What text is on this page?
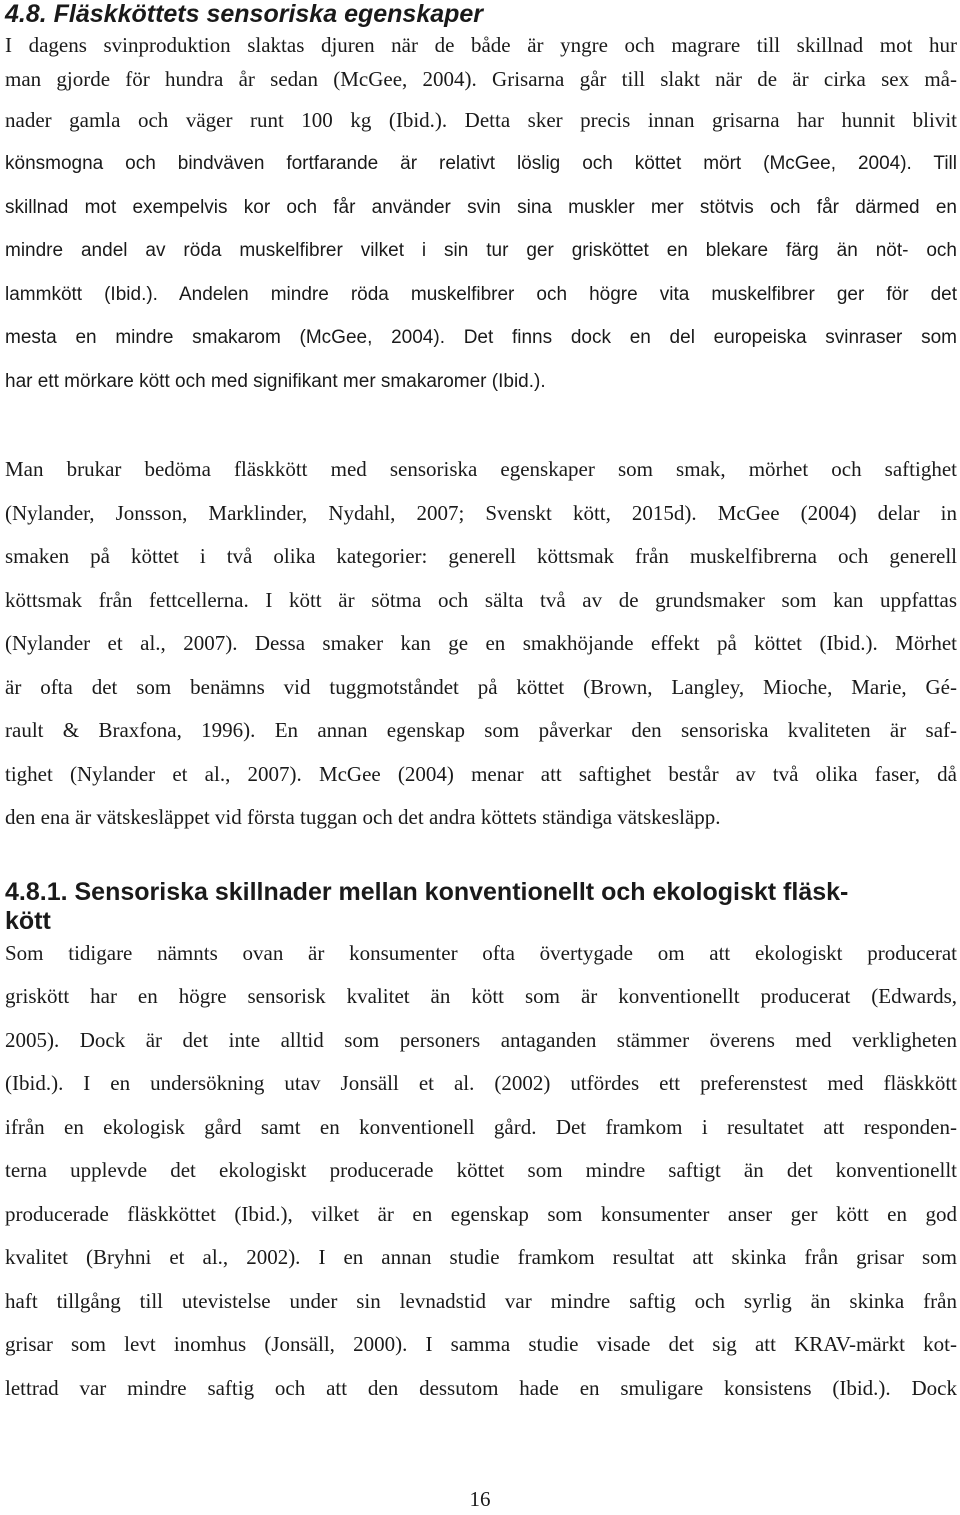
4.8. Fläskköttets sensoriska egenskaper
I dagens svinproduktion slaktas djuren när de både är yngre och magrare till skillnad mot hur
man gjorde för hundra år sedan (McGee, 2004). Grisarna går till slakt när de är cirka sex må-
nader gamla och väger runt 100 kg (Ibid.). Detta sker precis innan grisarna har hunnit blivit
könsmogna och bindväven fortfarande är relativt löslig och köttet mört (McGee, 2004). Till
skillnad mot exempelvis kor och får använder svin sina muskler mer stötvis och får därmed en
mindre andel av röda muskelfibrer vilket i sin tur ger grisköttet en blekare färg än nöt- och
lammkött (Ibid.). Andelen mindre röda muskelfibrer och högre vita muskelfibrer ger för det
mesta en mindre smakarom (McGee, 2004). Det finns dock en del europeiska svinraser som
har ett mörkare kött och med signifikant mer smakaromer (Ibid.).
Man brukar bedöma fläskkött med sensoriska egenskaper som smak, mörhet och saftighet
(Nylander, Jonsson, Marklinder, Nydahl, 2007; Svenskt kött, 2015d). McGee (2004) delar in
smaken på köttet i två olika kategorier: generell köttsmak från muskelfibrerna och generell
köttsmak från fettcellerna. I kött är sötma och sälta två av de grundsmaker som kan uppfattas
(Nylander et al., 2007). Dessa smaker kan ge en smakhöjande effekt på köttet (Ibid.). Mörhet
är ofta det som benämns vid tuggmotståndet på köttet (Brown, Langley, Mioche, Marie, Gé-
rault & Braxfona, 1996). En annan egenskap som påverkar den sensoriska kvaliteten är saf-
tighet (Nylander et al., 2007). McGee (2004) menar att saftighet består av två olika faser, då
den ena är vätskesläppet vid första tuggan och det andra köttets ständiga vätskesläpp.
4.8.1. Sensoriska skillnader mellan konventionellt och ekologiskt fläsk-
kött
Som tidigare nämnts ovan är konsumenter ofta övertygade om att ekologiskt producerat
griskött har en högre sensorisk kvalitet än kött som är konventionellt producerat (Edwards,
2005). Dock är det inte alltid som personers antaganden stämmer överens med verkligheten
(Ibid.). I en undersökning utav Jonsäll et al. (2002) utfördes ett preferenstest med fläskkött
ifrån en ekologisk gård samt en konventionell gård. Det framkom i resultatet att responden-
terna upplevde det ekologiskt producerade köttet som mindre saftigt än det konventionellt
producerade fläskköttet (Ibid.), vilket är en egenskap som konsumenter anser ger kött en god
kvalitet (Bryhni et al., 2002). I en annan studie framkom resultat att skinka från grisar som
haft tillgång till utevistelse under sin levnadstid var mindre saftig och syrlig än skinka från
grisar som levt inomhus (Jonsäll, 2000). I samma studie visade det sig att KRAV-märkt kot-
lettrad var mindre saftig och att den dessutom hade en smuligare konsistens (Ibid.). Dock
16
